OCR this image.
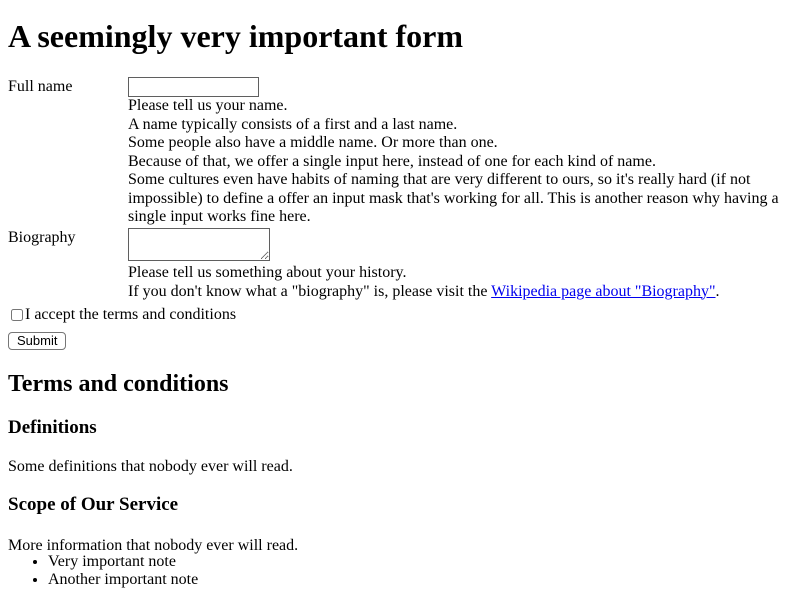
A seemingly very important form
Full name
Please tell us your name.
A name typically consists of a first and a last name.
Some people also have a middle name. Or more than one.
Because of that, we offer a single input here, instead of one for each kind of name.
Some cultures even have habits of naming that are very different to ours, so it's really hard (if not impossible) to define a offer an input mask that's working for all. This is another reason why having a single input works fine here.
Biography
Please tell us something about your history.
If you don't know what a "biography" is, please visit the Wikipedia page about "Biography".
I accept the terms and conditions
Submit
Terms and conditions
Definitions

Some definitions that nobody ever will read.

Scope of Our Service

More information that nobody ever will read.

• Very important note
• Another important note
